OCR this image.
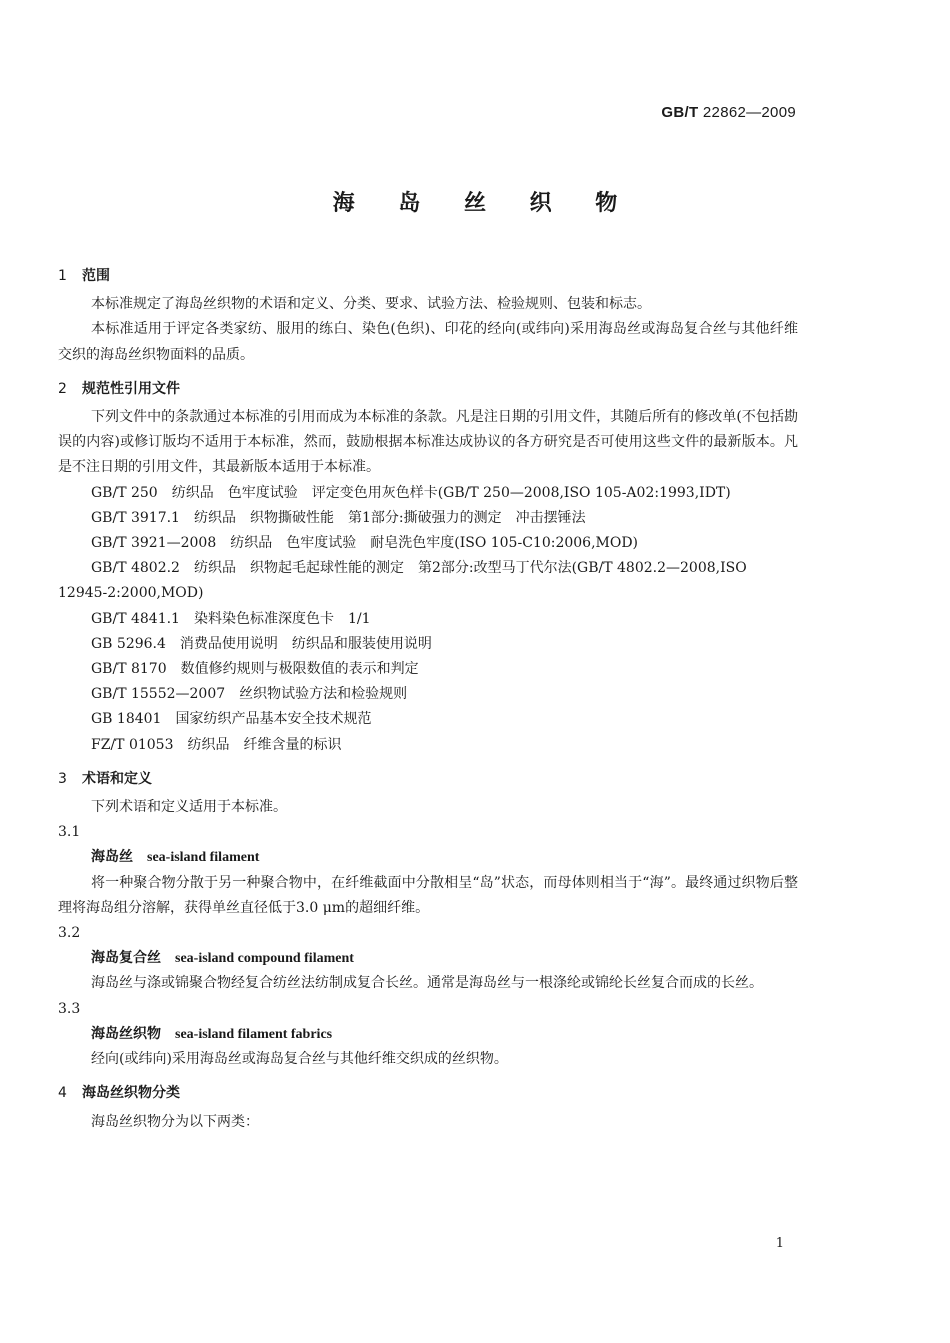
GB/T 22862—2009
海 岛 丝 织 物
1 范围

本标准规定了海岛丝织物的术语和定义、分类、要求、试验方法、检验规则、包装和标志。

本标准适用于评定各类家纺、服用的练白、染色(色织)、印花的经向(或纬向)采用海岛丝或海岛复合丝与其他纤维交织的海岛丝织物面料的品质。

2 规范性引用文件

下列文件中的条款通过本标准的引用而成为本标准的条款。凡是注日期的引用文件，其随后所有的修改单(不包括勘误的内容)或修订版均不适用于本标准，然而，鼓励根据本标准达成协议的各方研究是否可使用这些文件的最新版本。凡是不注日期的引用文件，其最新版本适用于本标准。

GB/T 250　纺织品　色牢度试验　评定变色用灰色样卡(GB/T 250—2008,ISO 105-A02:1993,IDT)

GB/T 3917.1　纺织品　织物撕破性能　第1部分:撕破强力的测定　冲击摆锤法

GB/T 3921—2008　纺织品　色牢度试验　耐皂洗色牢度(ISO 105-C10:2006,MOD)

GB/T 4802.2　纺织品　织物起毛起球性能的测定　第2部分:改型马丁代尔法(GB/T 4802.2—2008,ISO 12945-2:2000,MOD)

GB/T 4841.1　染料染色标准深度色卡　1/1

GB 5296.4　消费品使用说明　纺织品和服装使用说明

GB/T 8170　数值修约规则与极限数值的表示和判定

GB/T 15552—2007　丝织物试验方法和检验规则

GB 18401　国家纺织产品基本安全技术规范

FZ/T 01053　纺织品　纤维含量的标识

3 术语和定义

下列术语和定义适用于本标准。

3.1

海岛丝 sea-island filament

将一种聚合物分散于另一种聚合物中，在纤维截面中分散相呈“岛”状态，而母体则相当于“海”。最终通过织物后整理将海岛组分溶解，获得单丝直径低于3.0 μm的超细纤维。

3.2

海岛复合丝 sea-island compound filament

海岛丝与涤或锦聚合物经复合纺丝法纺制成复合长丝。通常是海岛丝与一根涤纶或锦纶长丝复合而成的长丝。

3.3

海岛丝织物 sea-island filament fabrics

经向(或纬向)采用海岛丝或海岛复合丝与其他纤维交织成的丝织物。

4 海岛丝织物分类

海岛丝织物分为以下两类：

1
